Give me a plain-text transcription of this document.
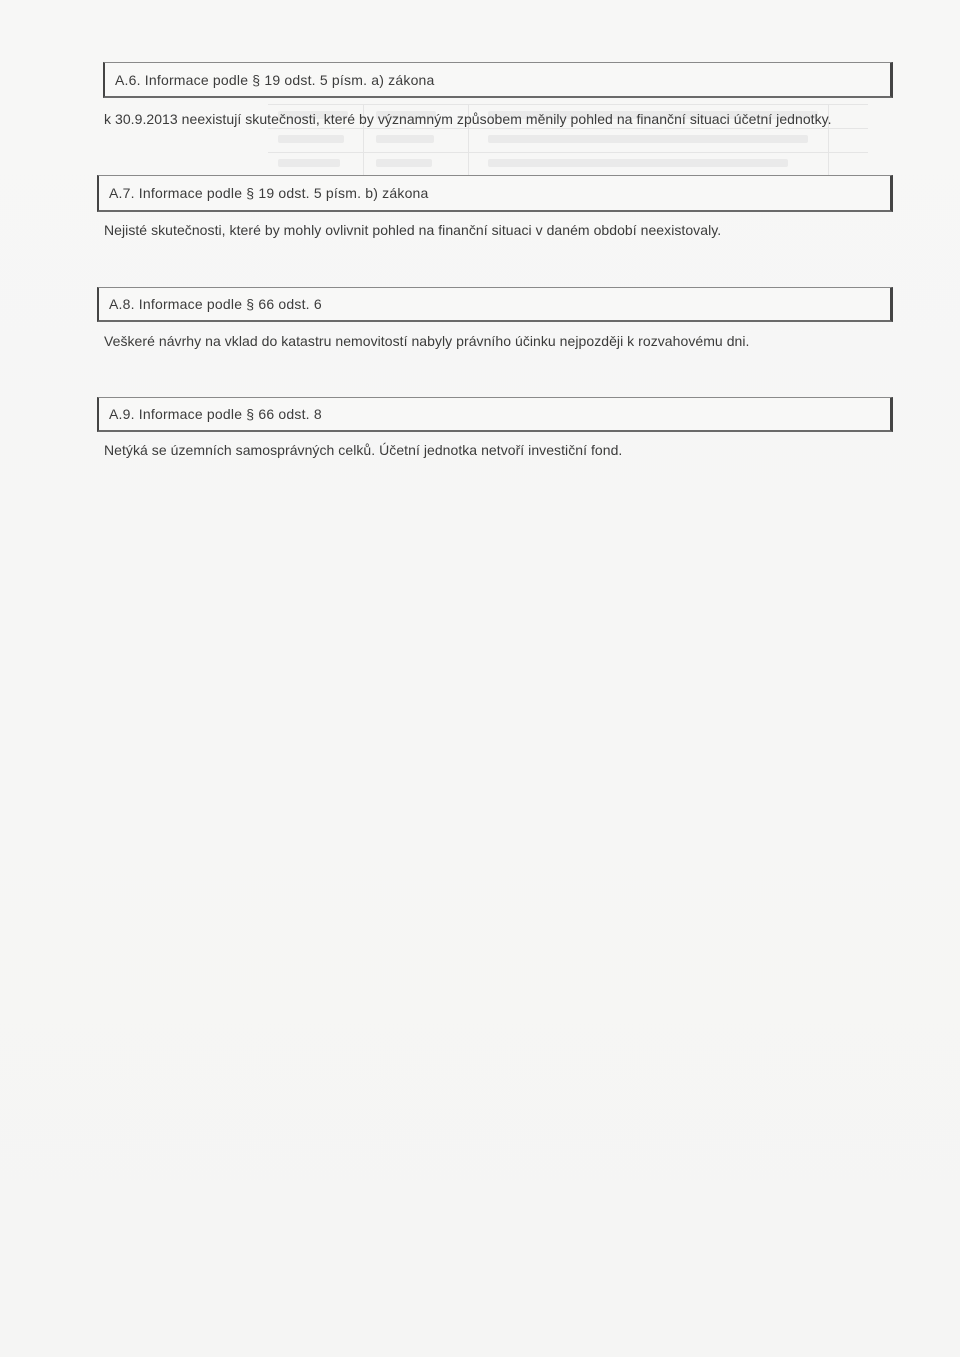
A.6. Informace podle § 19 odst. 5 písm. a) zákona
k 30.9.2013 neexistují skutečnosti, které by významným způsobem měnily pohled na finanční situaci účetní jednotky.
A.7. Informace podle § 19 odst. 5 písm. b) zákona
Nejisté skutečnosti, které by mohly ovlivnit pohled na finanční situaci v daném období neexistovaly.
A.8. Informace podle § 66 odst. 6
Veškeré návrhy na vklad do katastru nemovitostí nabyly právního účinku nejpozději k rozvahovému dni.
A.9. Informace podle § 66 odst. 8
Netýká se územních samosprávných celků. Účetní jednotka netvoří investiční fond.
